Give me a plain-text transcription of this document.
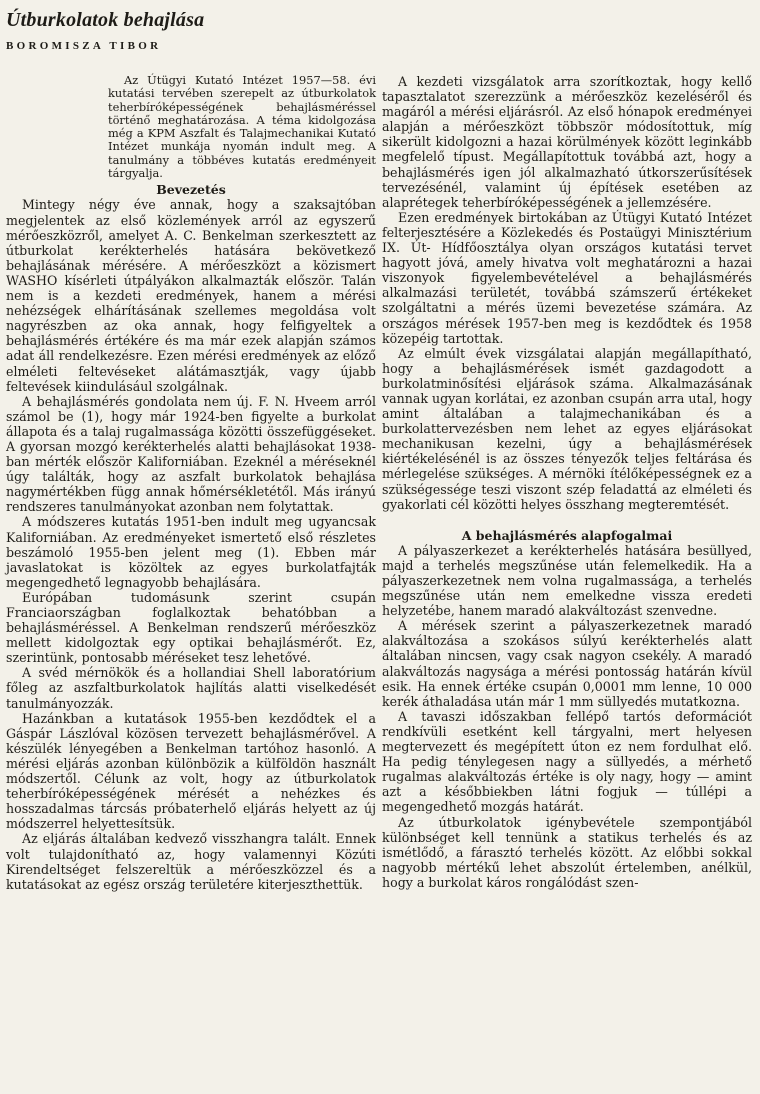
Útburkolatok behajlása
BOROMISZA TIBOR

Az Útügyi Kutató Intézet 1957—58. évi kutatási tervében szerepelt az útburkolatok teherbíróképességének behajlásméréssel történő meghatározása. A téma kidolgozása még a KPM Aszfalt és Talajmechanikai Kutató Intézet munkája nyomán indult meg. A tanulmány a többéves kutatás eredményeit tárgyalja.

Bevezetés

Mintegy négy éve annak, hogy a szaksajtóban megjelentek az első közlemények arról az egyszerű mérőeszközről, amelyet A. C. Benkelman szerkesztett az útburkolat kerékterhelés hatására bekövetkező behajlásának mérésére. A mérőeszközt a közismert WASHO kísérleti útpályákon alkalmazták először. Talán nem is a kezdeti eredmények, hanem a mérési nehézségek elhárításának szellemes megoldása volt nagyrészben az oka annak, hogy felfigyeltek a behajlásmérés értékére és ma már ezek alapján számos adat áll rendelkezésre. Ezen mérési eredmények az előző elméleti feltevéseket alátámasztják, vagy újabb feltevések kiindulásául szolgálnak.

A behajlásmérés gondolata nem új. F. N. Hveem arról számol be (1), hogy már 1924-ben figyelte a burkolat állapota és a talaj rugalmassága közötti összefüggéseket. A gyorsan mozgó kerékterhelés alatti behajlásokat 1938-ban mérték először Kaliforniában. Ezeknél a méréseknél úgy találták, hogy az aszfalt burkolatok behajlása nagymértékben függ annak hőmérsékletétől. Más irányú rendszeres tanulmányokat azonban nem folytattak.

A módszeres kutatás 1951-ben indult meg ugyancsak Kaliforniában. Az eredményeket ismertető első részletes beszámoló 1955-ben jelent meg (1). Ebben már javaslatokat is közöltek az egyes burkolatfajták megengedhető legnagyobb behajlására.

Európában tudomásunk szerint csupán Franciaországban foglalkoztak behatóbban a behajlásméréssel. A Benkelman rendszerű mérőeszköz mellett kidolgoztak egy optikai behajlásmérőt. Ez, szerintünk, pontosabb méréseket tesz lehetővé.

A svéd mérnökök és a hollandiai Shell laboratórium főleg az aszfaltburkolatok hajlítás alatti viselkedését tanulmányozzák.

Hazánkban a kutatások 1955-ben kezdődtek el a Gáspár Lászlóval közösen tervezett behajlásmérővel. A készülék lényegében a Benkelman tartóhoz hasonló. A mérési eljárás azonban különbözik a külföldön használt módszertől. Célunk az volt, hogy az útburkolatok teherbíróképességének mérését a nehézkes és hosszadalmas tárcsás próbaterhelő eljárás helyett az új módszerrel helyettesítsük.

Az eljárás általában kedvező visszhangra talált. Ennek volt tulajdonítható az, hogy valamennyi Közúti Kirendeltséget felszereltük a mérőeszközzel és a kutatásokat az egész ország területére kiterjeszthettük.

A kezdeti vizsgálatok arra szorítkoztak, hogy kellő tapasztalatot szerezzünk a mérőeszköz kezeléséről és magáról a mérési eljárásról. Az első hónapok eredményei alapján a mérőeszközt többször módosítottuk, míg sikerült kidolgozni a hazai körülmények között leginkább megfelelő típust. Megállapítottuk továbbá azt, hogy a behajlásmérés igen jól alkalmazható útkorszerűsítések tervezésénél, valamint új építések esetében az alaprétegek teherbíróképességének a jellemzésére.

Ezen eredmények birtokában az Útügyi Kutató Intézet felterjesztésére a Közlekedés és Postaügyi Minisztérium IX. Út- Hídfőosztálya olyan országos kutatási tervet hagyott jóvá, amely hivatva volt meghatározni a hazai viszonyok figyelembevételével a behajlásmérés alkalmazási területét, továbbá számszerű értékeket szolgáltatni a mérés üzemi bevezetése számára. Az országos mérések 1957-ben meg is kezdődtek és 1958 közepéig tartottak.

Az elmúlt évek vizsgálatai alapján megállapítható, hogy a behajlásmérések ismét gazdagodott a burkolatminősítési eljárások száma. Alkalmazásának vannak ugyan korlátai, ez azonban csupán arra utal, hogy amint általában a talajmechanikában és a burkolattervezésben nem lehet az egyes eljárásokat mechanikusan kezelni, úgy a behajlásmérések kiértékelésénél is az összes tényezők teljes feltárása és mérlegelése szükséges. A mérnöki ítélőképességnek ez a szükségessége teszi viszont szép feladattá az elméleti és gyakorlati cél közötti helyes összhang megteremtését.

A behajlásmérés alapfogalmai

A pályaszerkezet a kerékterhelés hatására besüllyed, majd a terhelés megszűnése után felemelkedik. Ha a pályaszerkezetnek nem volna rugalmassága, a terhelés megszűnése után nem emelkedne vissza eredeti helyzetébe, hanem maradó alakváltozást szenvedne.

A mérések szerint a pályaszerkezetnek maradó alakváltozása a szokásos súlyú kerékterhelés alatt általában nincsen, vagy csak nagyon csekély. A maradó alakváltozás nagysága a mérési pontosság határán kívül esik. Ha ennek értéke csupán 0,0001 mm lenne, 10 000 kerék áthaladása után már 1 mm süllyedés mutatkozna.

A tavaszi időszakban fellépő tartós deformációt rendkívüli esetként kell tárgyalni, mert helyesen megtervezett és megépített úton ez nem fordulhat elő. Ha pedig ténylegesen nagy a süllyedés, a mérhető rugalmas alakváltozás értéke is oly nagy, hogy — amint azt a későbbiekben látni fogjuk — túllépi a megengedhető mozgás határát.

Az útburkolatok igénybevétele szempontjából különbséget kell tennünk a statikus terhelés és az ismétlődő, a fárasztó terhelés között. Az előbbi sokkal nagyobb mértékű lehet abszolút értelemben, anélkül, hogy a burkolat káros rongálódást szen-
